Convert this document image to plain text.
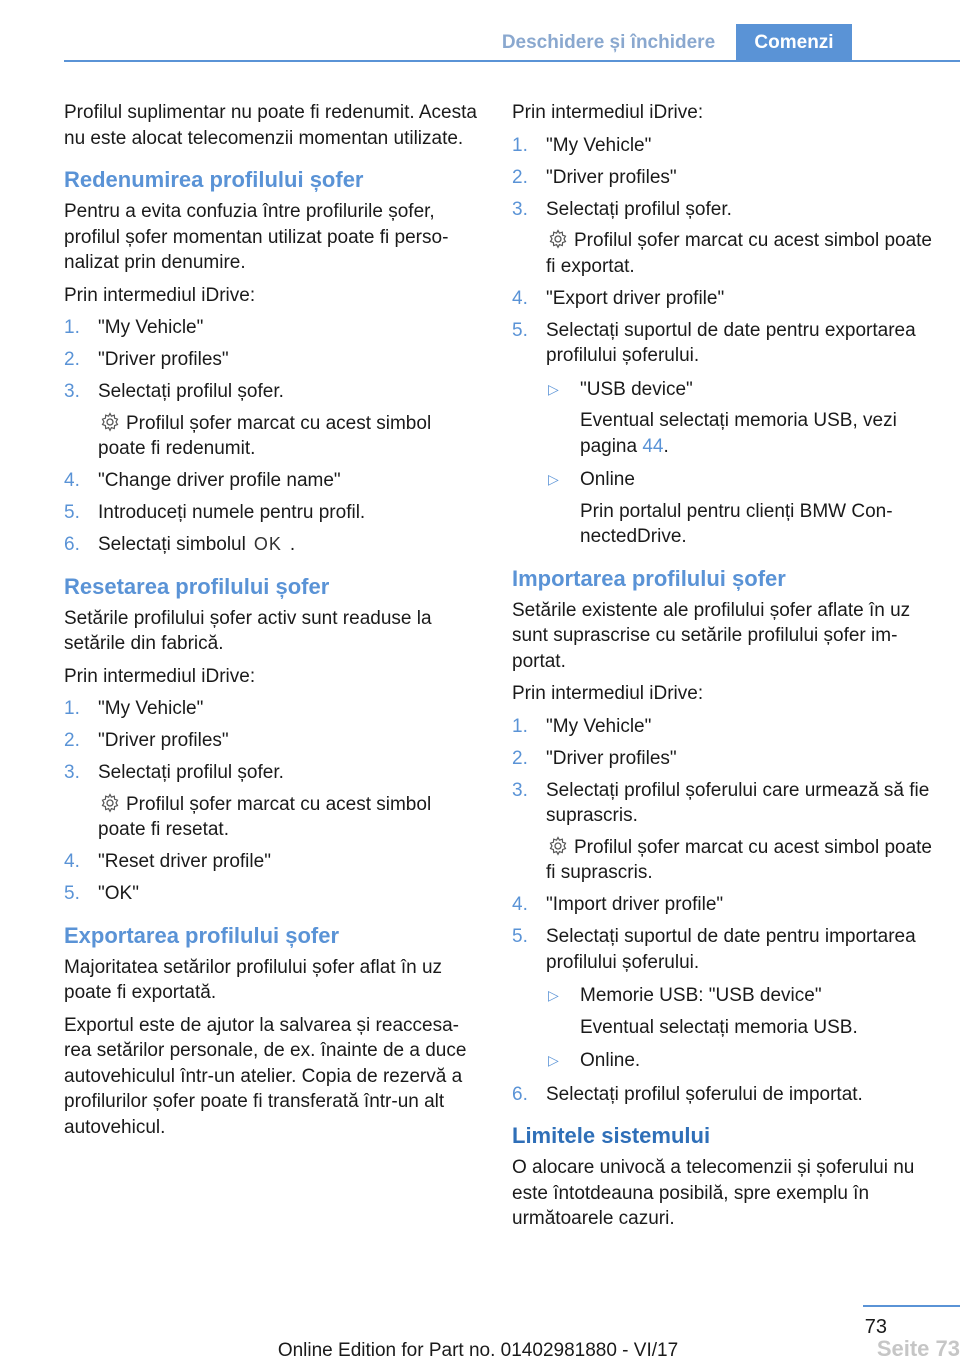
Deschidere și închidere	Comenzi

Profilul suplimentar nu poate fi redenumit. Acesta nu este alocat telecomenzii momentan utilizate.

Redenumirea profilului șofer

Pentru a evita confuzia între profilurile șofer, profilul șofer momentan utilizat poate fi personalizat prin denumire.

Prin intermediul iDrive:

1. "My Vehicle"
2. "Driver profiles"
3. Selectați profilul șofer.
Profilul șofer marcat cu acest simbol poate fi redenumit.
4. "Change driver profile name"
5. Introduceți numele pentru profil.
6. Selectați simbolul OK .
Resetarea profilului șofer

Setările profilului șofer activ sunt readuse la setările din fabrică.

Prin intermediul iDrive:

1. "My Vehicle"
2. "Driver profiles"
3. Selectați profilul șofer.
Profilul șofer marcat cu acest simbol poate fi resetat.
4. "Reset driver profile"
5. "OK"
Exportarea profilului șofer

Majoritatea setărilor profilului șofer aflat în uz poate fi exportată.

Exportul este de ajutor la salvarea și reaccesarea setărilor personale, de ex. înainte de a duce autovehiculul într-un atelier. Copia de rezervă a profilurilor șofer poate fi transferată într-un alt autovehicul.

Prin intermediul iDrive:

1. "My Vehicle"
2. "Driver profiles"
3. Selectați profilul șofer.
Profilul șofer marcat cu acest simbol poate fi exportat.
4. "Export driver profile"
5. Selectați suportul de date pentru exportarea profilului șoferului.
▷ "USB device"
Eventual selectați memoria USB, vezi pagina 44.
▷ Online
Prin portalul pentru clienți BMW ConnectedDrive.
Importarea profilului șofer

Setările existente ale profilului șofer aflate în uz sunt suprascrise cu setările profilului șofer importat.

Prin intermediul iDrive:

1. "My Vehicle"
2. "Driver profiles"
3. Selectați profilul șoferului care urmează să fie suprascris.
Profilul șofer marcat cu acest simbol poate fi suprascris.
4. "Import driver profile"
5. Selectați suportul de date pentru importarea profilului șoferului.
▷ Memorie USB: "USB device"
Eventual selectați memoria USB.
▷ Online.
6. Selectați profilul șoferului de importat.
Limitele sistemului

O alocare univocă a telecomenzii și șoferului nu este întotdeauna posibilă, spre exemplu în următoarele cazuri.

73
Online Edition for Part no. 01402981880 - VI/17	Seite 73
